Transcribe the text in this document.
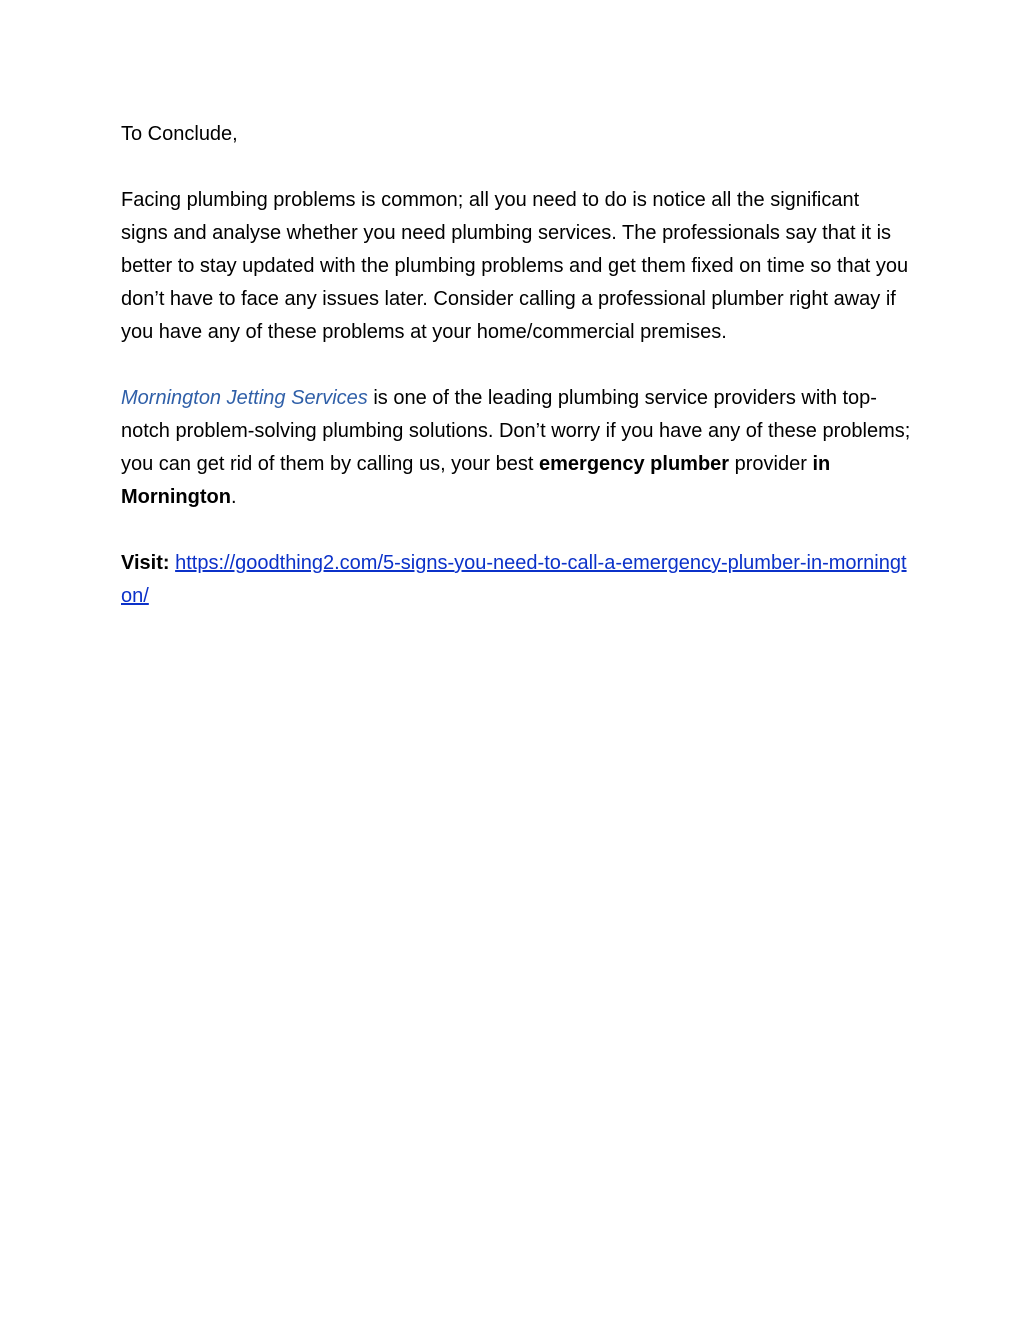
To Conclude,

Facing plumbing problems is common; all you need to do is notice all the significant signs and analyse whether you need plumbing services. The professionals say that it is better to stay updated with the plumbing problems and get them fixed on time so that you don’t have to face any issues later. Consider calling a professional plumber right away if you have any of these problems at your home/commercial premises.

Mornington Jetting Services is one of the leading plumbing service providers with top-notch problem-solving plumbing solutions. Don’t worry if you have any of these problems; you can get rid of them by calling us, your best emergency plumber provider in Mornington.

Visit: https://goodthing2.com/5-signs-you-need-to-call-a-emergency-plumber-in-mornington/
